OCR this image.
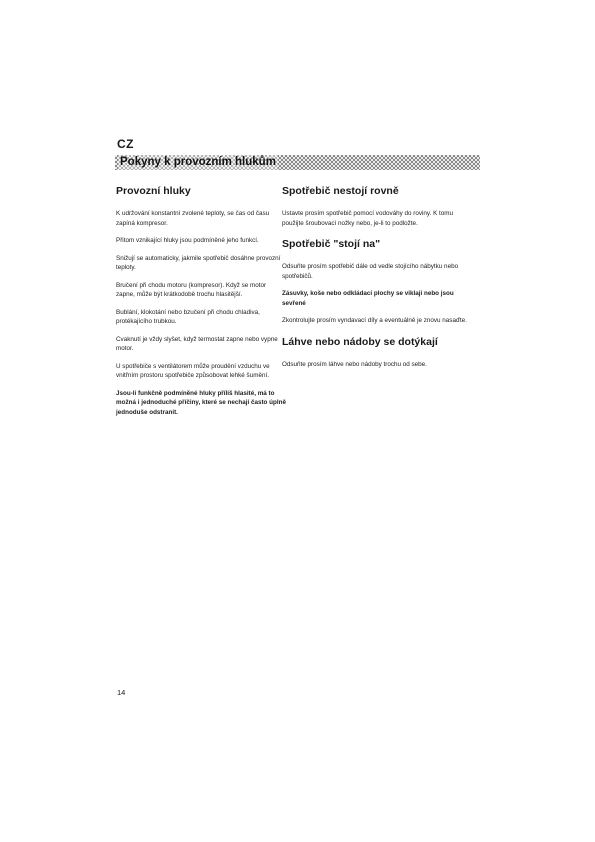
CZ
Pokyny k provozním hlukům
Provozní hluky

K udržování konstantní zvolené teploty, se čas od času zapíná kompresor.

Přitom vznikající hluky jsou podmíněné jeho funkcí.

Snižují se automaticky, jakmile spotřebič dosáhne provozní teploty.

Bručení při chodu motoru (kompresor). Když se motor zapne, může být krátkodobě trochu hlasitější.

Bublání, klokotání nebo bzučení při chodu chladiva, protékajícího trubkou.

Cvaknutí je vždy slyšet, když termostat zapne nebo vypne motor.

U spotřebiče s ventilátorem může proudění vzduchu ve vnitřním prostoru spotřebiče způsobovat lehké šumění.

Jsou-li funkčně podmíněné hluky příliš hlasité, má to možná i jednoduché příčiny, které se nechají často úplně jednoduše odstranit.

Spotřebič nestojí rovně

Ustavte prosím spotřebič pomocí vodováhy do roviny. K tomu použijte šroubovací nožky nebo, je-li to podložte.

Spotřebič "stojí na"

Odsuňte prosím spotřebič dále od vedle stojícího nábytku nebo spotřebičů.

Zásuvky, koše nebo odkládací plochy se viklají nebo jsou sevřené

Zkontrolujte prosím vyndavací díly a eventuálně je znovu nasaďte.

Láhve nebo nádoby se dotýkají

Odsuňte prosím láhve nebo nádoby trochu od sebe.

14
